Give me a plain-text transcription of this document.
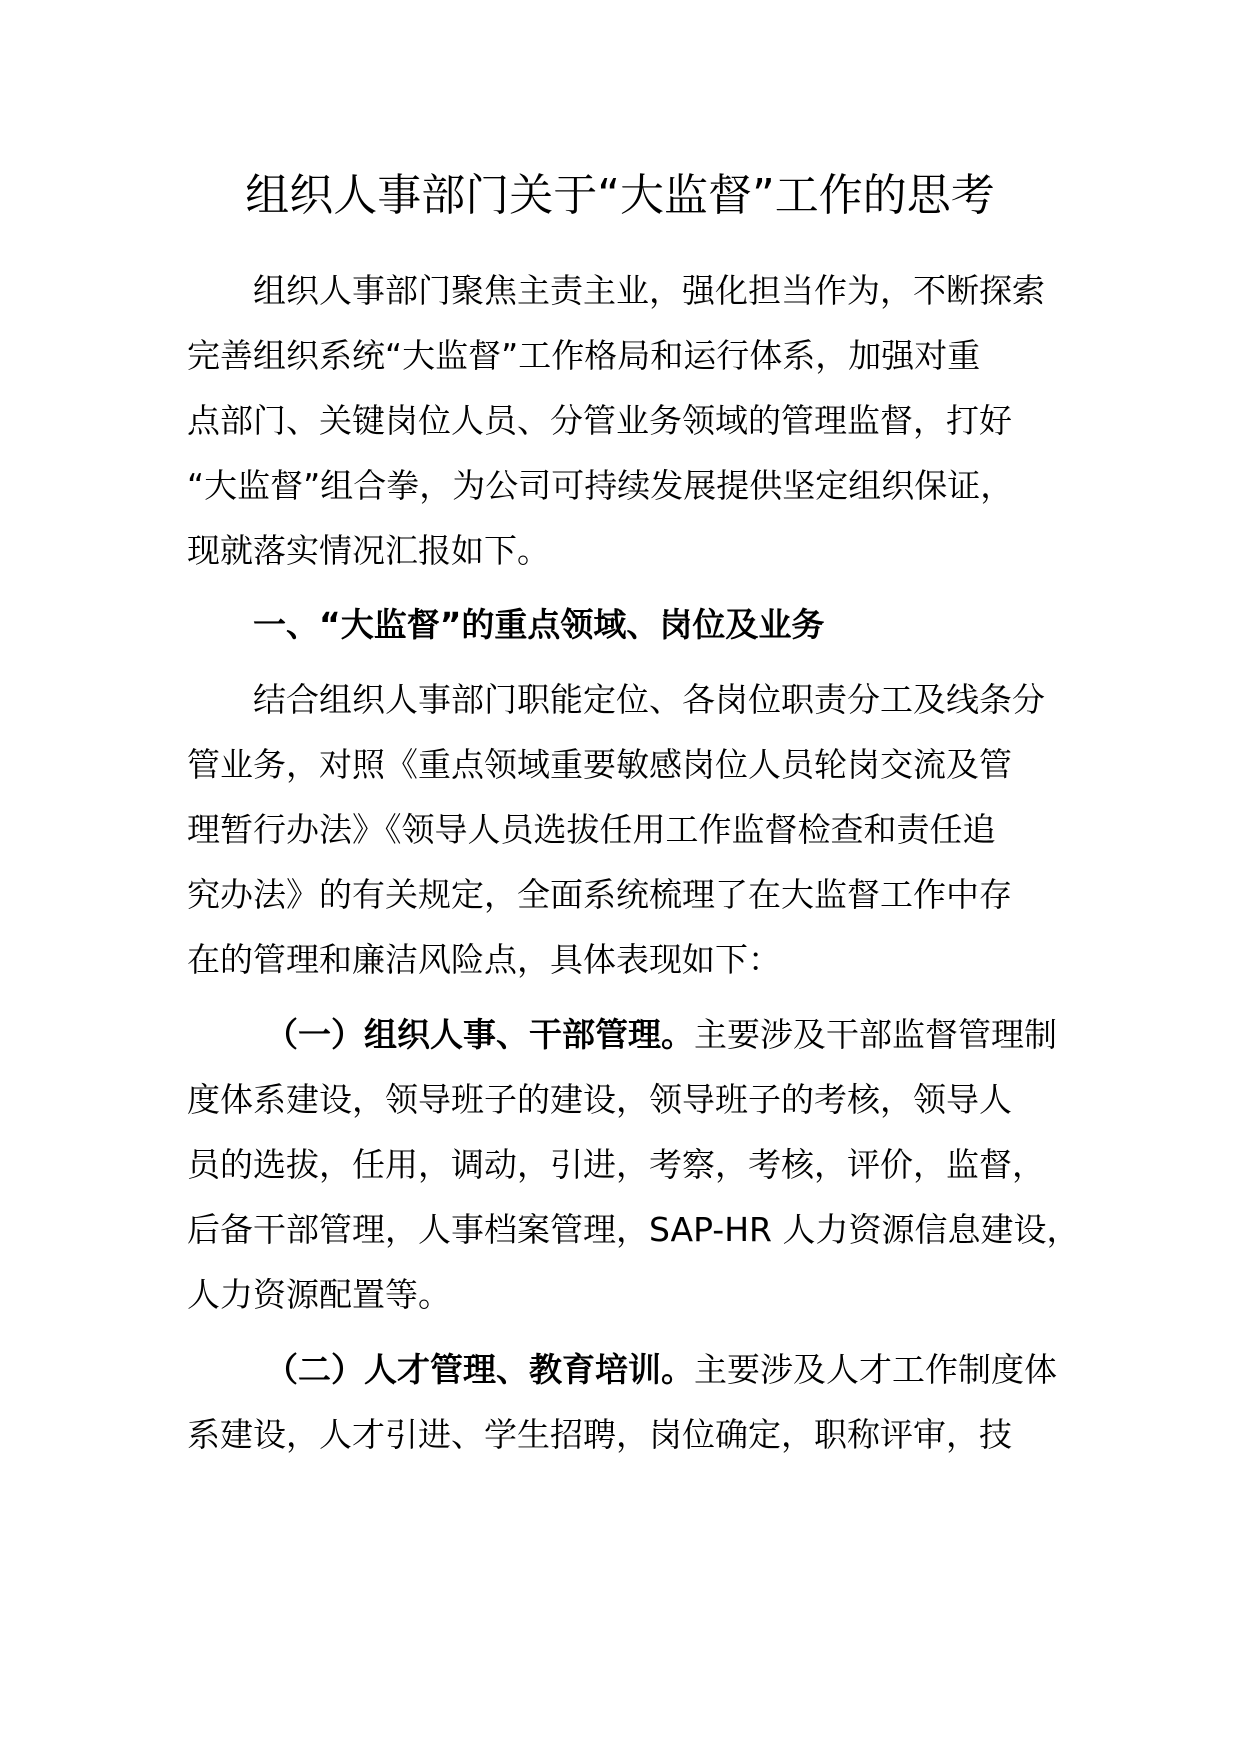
组织人事部门关于“大监督”工作的思考
组织人事部门聚焦主责主业，强化担当作为，不断探索
完善组织系统“大监督”工作格局和运行体系，加强对重
点部门、关键岗位人员、分管业务领域的管理监督，打好
“大监督”组合拳，为公司可持续发展提供坚定组织保证，
现就落实情况汇报如下。
一、“大监督”的重点领域、岗位及业务
结合组织人事部门职能定位、各岗位职责分工及线条分
管业务，对照《重点领域重要敏感岗位人员轮岗交流及管
理暂行办法》《领导人员选拔任用工作监督检查和责任追
究办法》的有关规定，全面系统梳理了在大监督工作中存
在的管理和廉洁风险点，具体表现如下：
（一）组织人事、干部管理。主要涉及干部监督管理制
度体系建设，领导班子的建设，领导班子的考核，领导人
员的选拔，任用，调动，引进，考察，考核，评价，监督，
后备干部管理，人事档案管理，SAP-HR 人力资源信息建设，
人力资源配置等。
（二）人才管理、教育培训。主要涉及人才工作制度体
系建设，人才引进、学生招聘，岗位确定，职称评审，技
